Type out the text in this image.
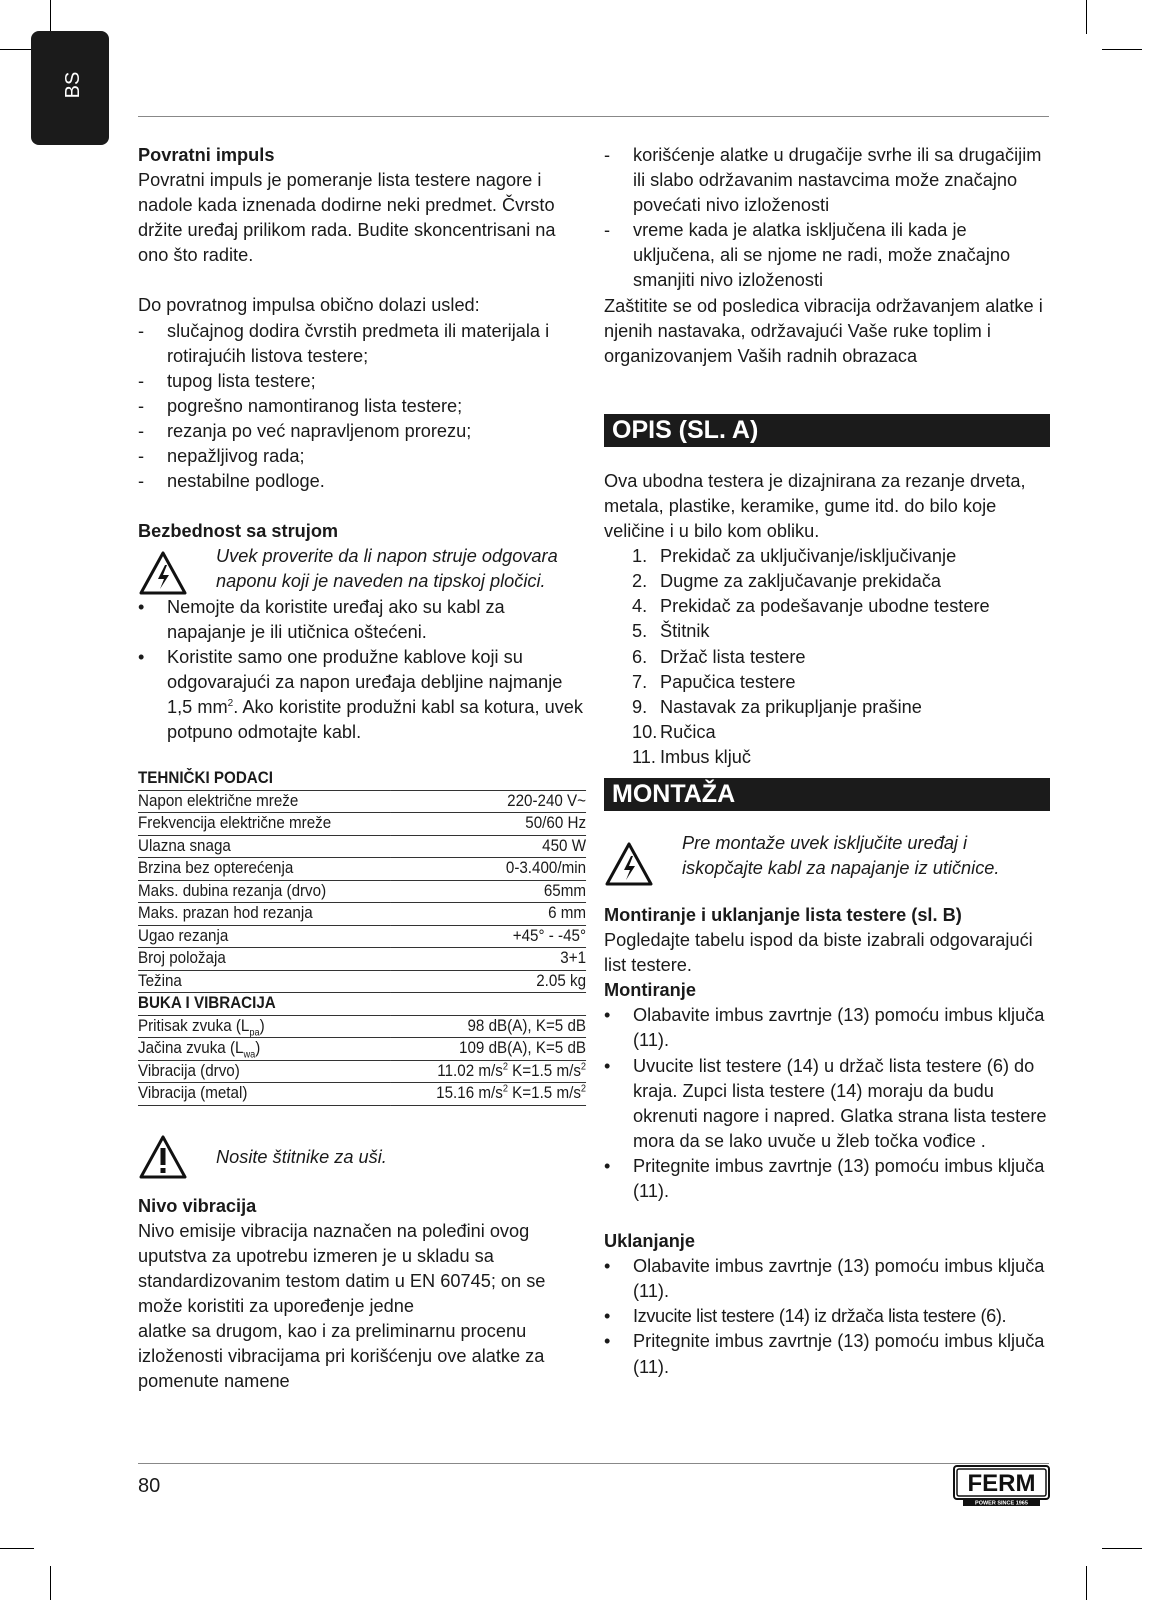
BS

Povratni impuls

Povratni impuls je pomeranje lista testere nagore i nadole kada iznenada dodirne neki predmet. Čvrsto držite uređaj prilikom rada. Budite skoncentrisani na ono što radite.

Do povratnog impulsa obično dolazi usled:

- slučajnog dodira čvrstih predmeta ili materijala i rotirajućih listova testere;
- tupog lista testere;
- pogrešno namontiranog lista testere;
- rezanja po već napravljenom prorezu;
- nepažljivog rada;
- nestabilne podloge.

Bezbednost sa strujom

Uvek proverite da li napon struje odgovara naponu koji je naveden na tipskoj pločici.
• Nemojte da koristite uređaj ako su kabl za napajanje je ili utičnica oštećeni.
• Koristite samo one produžne kablove koji su odgovarajući za napon uređaja debljine najmanje 1,5 $mm^2$. Ako koristite produžni kabl sa kotura, uvek potpuno odmotajte kabl.
TEHNIČKI PODACI	
Napon električne mreže	220-240 V~
Frekvencija električne mreže	50/60 Hz
Ulazna snaga	450 W
Brzina bez opterećenja	0-3.400/min
Maks. dubina rezanja (drvo)	65mm
Maks. prazan hod rezanja	6 mm
Ugao rezanja	+45° - -45°
Broj položaja	3+1
Težina	2.05 kg
BUKA I VIBRACIJA	
Pritisak zvuka $(L_{pa})$	98 dB(A), K=5 dB
Jačina zvuka $(L_{wa})$	109 dB(A), K=5 dB
Vibracija (drvo)	11.02 $m/s^2$ K=1.5 $m/s^2$
Vibracija (metal)	15.16 $m/s^2$ K=1.5 $m/s^2$
Nosite štitnike za uši.

Nivo vibracija

Nivo emisije vibracija naznačen na poleđini ovog uputstva za upotrebu izmeren je u skladu sa standardizovanim testom datim u EN 60745; on se može koristiti za upoređenje jedne

alatke sa drugom, kao i za preliminarnu procenu izloženosti vibracijama pri korišćenju ove alatke za pomenute namene

- korišćenje alatke u drugačije svrhe ili sa drugačijim ili slabo održavanim nastavcima može značajno povećati nivo izloženosti
- vreme kada je alatka isključena ili kada je uključena, ali se njome ne radi, može značajno smanjiti nivo izloženosti

Zaštitite se od posledica vibracija održavanjem alatke i njenih nastavaka, održavajući Vaše ruke toplim i organizovanjem Vaših radnih obrazaca

OPIS (SL. A)

Ova ubodna testera je dizajnirana za rezanje drveta, metala, plastike, keramike, gume itd. do bilo koje veličine i u bilo kom obliku.

1. Prekidač za uključivanje/isključivanje
2. Dugme za zaključavanje prekidača
4. Prekidač za podešavanje ubodne testere
5. Štitnik
6. Držač lista testere
7. Papučica testere
9. Nastavak za prikupljanje prašine
10. Ručica
11. Imbus ključ
MONTAŽA
Pre montaže uvek isključite uređaj i iskopčajte kabl za napajanje iz utičnice.

Montiranje i uklanjanje lista testere (sl. B)

Pogledajte tabelu ispod da biste izabrali odgovarajući list testere.

Montiranje

• Olabavite imbus zavrtnje (13) pomoću imbus ključa (11).
• Uvucite list testere (14) u držač lista testere (6) do kraja. Zupci lista testere (14) moraju da budu okrenuti nagore i napred. Glatka strana lista testere mora da se lako uvuče u žleb točka vođice .
• Pritegnite imbus zavrtnje (13) pomoću imbus ključa (11).

Uklanjanje

• Olabavite imbus zavrtnje (13) pomoću imbus ključa (11).
• Izvucite list testere (14) iz držača lista testere (6).
• Pritegnite imbus zavrtnje (13) pomoću imbus ključa (11).
80	FERM
POWER SINCE 1965
